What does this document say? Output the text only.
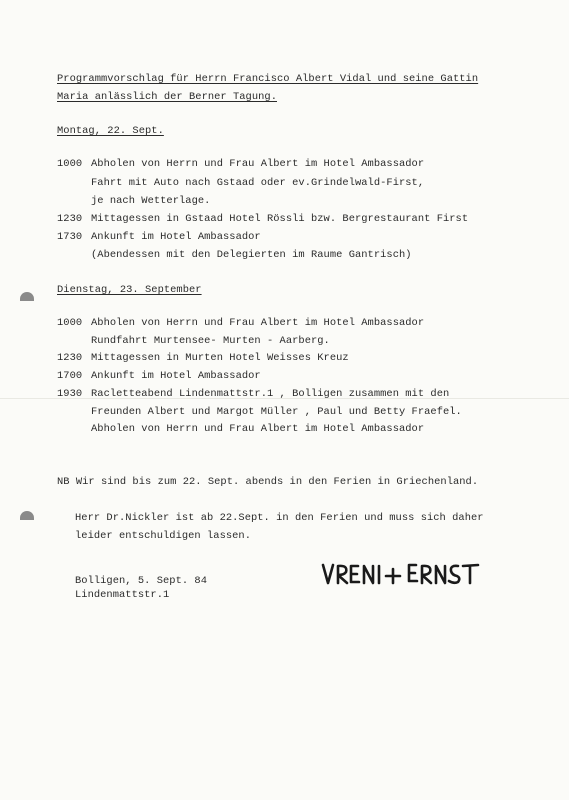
Programmvorschlag für Herrn Francisco Albert Vidal und seine Gattin
Maria anlässlich der Berner Tagung.
Montag, 22. Sept.
1000 Abholen von Herrn und Frau Albert im Hotel Ambassador
Fahrt mit Auto nach Gstaad oder ev.Grindelwald-First,
je nach Wetterlage.
1230 Mittagessen in Gstaad Hotel Rössli bzw. Bergrestaurant First
1730 Ankunft im Hotel Ambassador
(Abendessen mit den Delegierten im Raume Gantrisch)
Dienstag, 23. September
1000 Abholen von Herrn und Frau Albert im Hotel Ambassador
Rundfahrt Murtensee- Murten - Aarberg.
1230 Mittagessen in Murten Hotel Weisses Kreuz
1700 Ankunft im Hotel Ambassador
1930 Racletteabend Lindenmattstr.1 , Bolligen zusammen mit den
Freunden Albert und Margot Müller , Paul und Betty Fraefel.
Abholen von Herrn und Frau Albert im Hotel Ambassador
NB Wir sind bis zum 22. Sept. abends in den Ferien in Griechenland.
Herr Dr.Nickler ist ab 22.Sept. in den Ferien und muss sich daher
leider entschuldigen lassen.
Bolligen, 5. Sept. 84
Lindenmattstr.1
